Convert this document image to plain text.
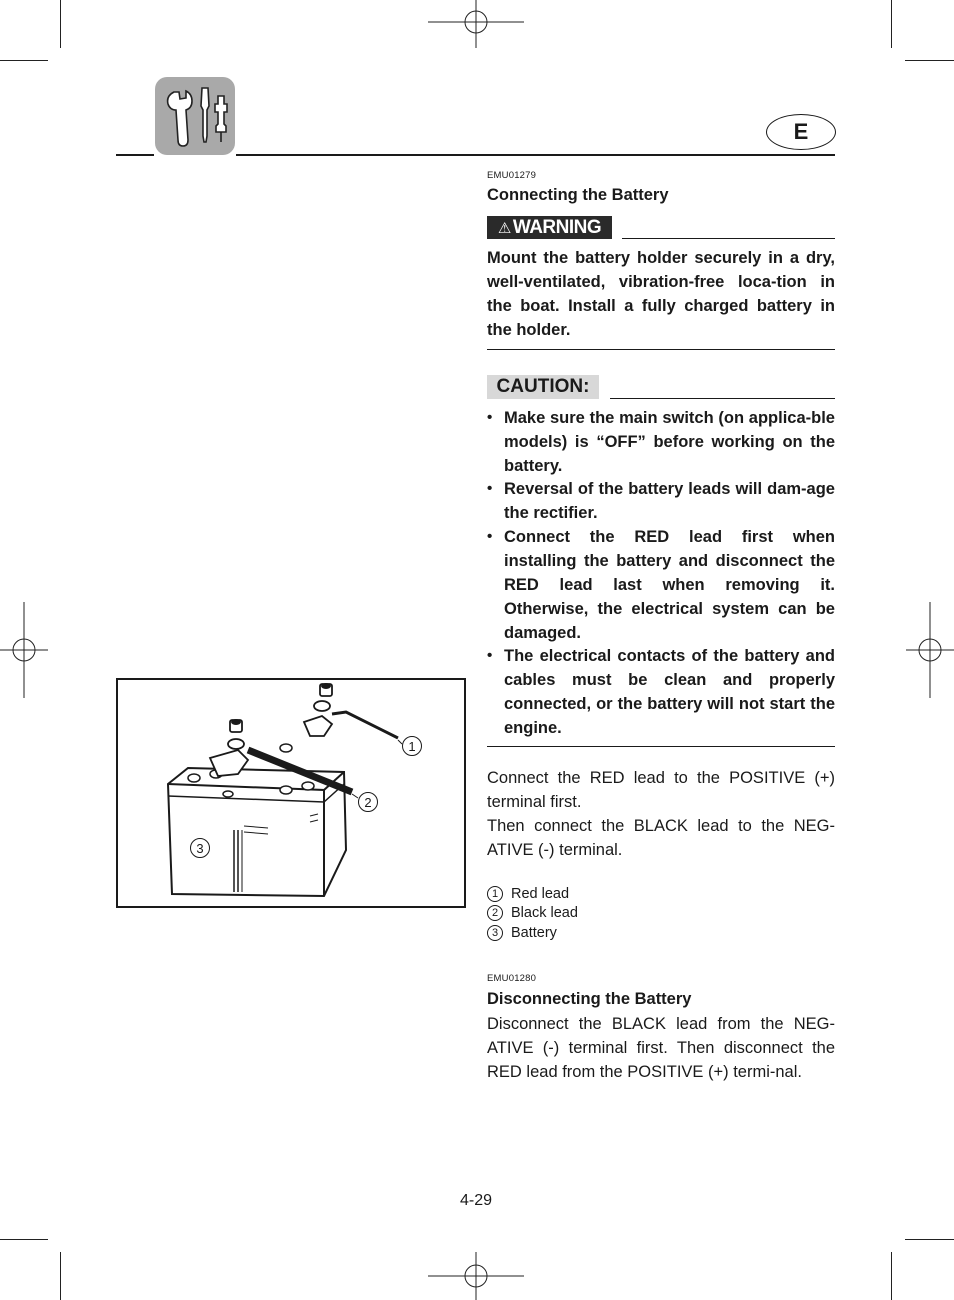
E
EMU01279
Connecting the Battery
⚠ WARNING
Mount the battery holder securely in a dry, well-ventilated, vibration-free loca-tion in the boat. Install a fully charged battery in the holder.
CAUTION:
• Make sure the main switch (on applica-ble models) is “OFF” before working on the battery.
• Reversal of the battery leads will dam-age the rectifier.
• Connect the RED lead first when installing the battery and disconnect the RED lead last when removing it. Otherwise, the electrical system can be damaged.
• The electrical contacts of the battery and cables must be clean and properly connected, or the battery will not start the engine.
Connect the RED lead to the POSITIVE (+) terminal first.
Then connect the BLACK lead to the NEG-ATIVE (-) terminal.
1 Red lead
2 Black lead
3 Battery
EMU01280
Disconnecting the Battery
Disconnect the BLACK lead from the NEG-ATIVE (-) terminal first. Then disconnect the RED lead from the POSITIVE (+) termi-nal.
1
2
3
4-29
